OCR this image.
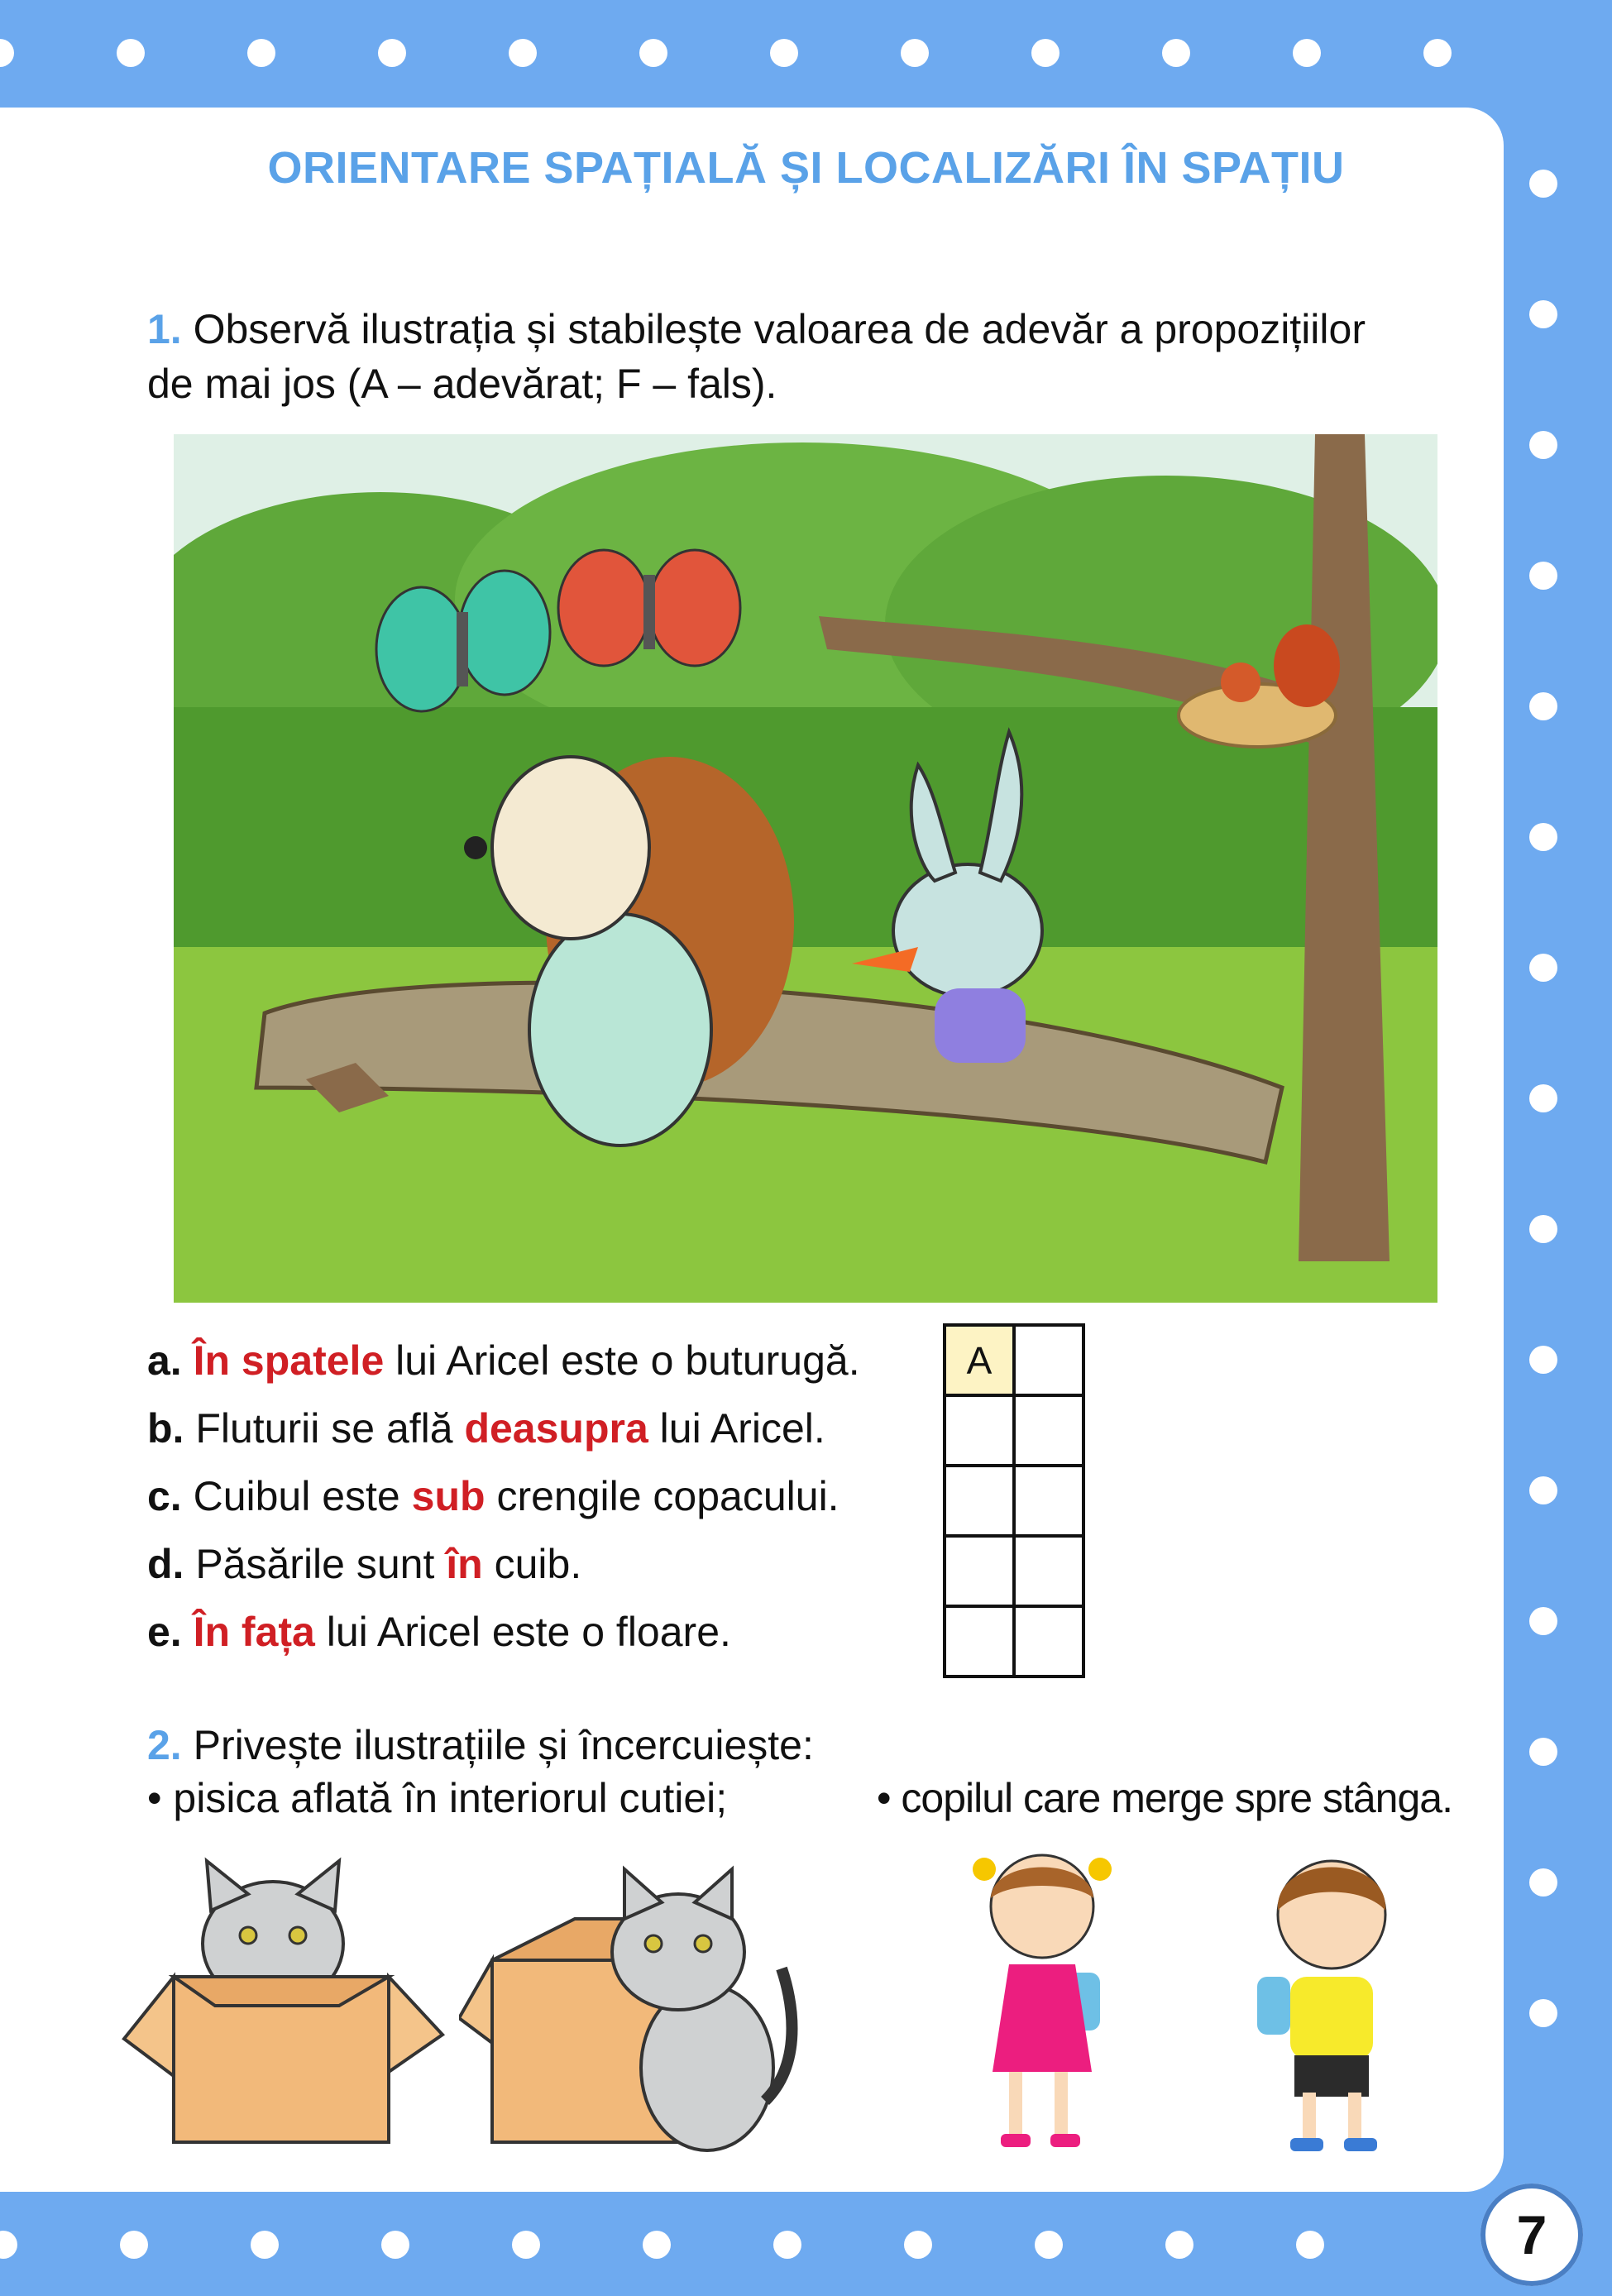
ORIENTARE SPAȚIALĂ ȘI LOCALIZĂRI ÎN SPAȚIU
1. Observă ilustrația și stabilește valoarea de adevăr a propozițiilor
de mai jos (A – adevărat; F – fals).
a. În spatele lui Aricel este o buturugă.
b. Fluturii se află deasupra lui Aricel.
c. Cuibul este sub crengile copacului.
d. Păsările sunt în cuib.
e. În fața lui Aricel este o floare.
A	

2. Privește ilustrațiile și încercuiește:
• pisica aflată în interiorul cutiei;	• copilul care merge spre stânga.
7
